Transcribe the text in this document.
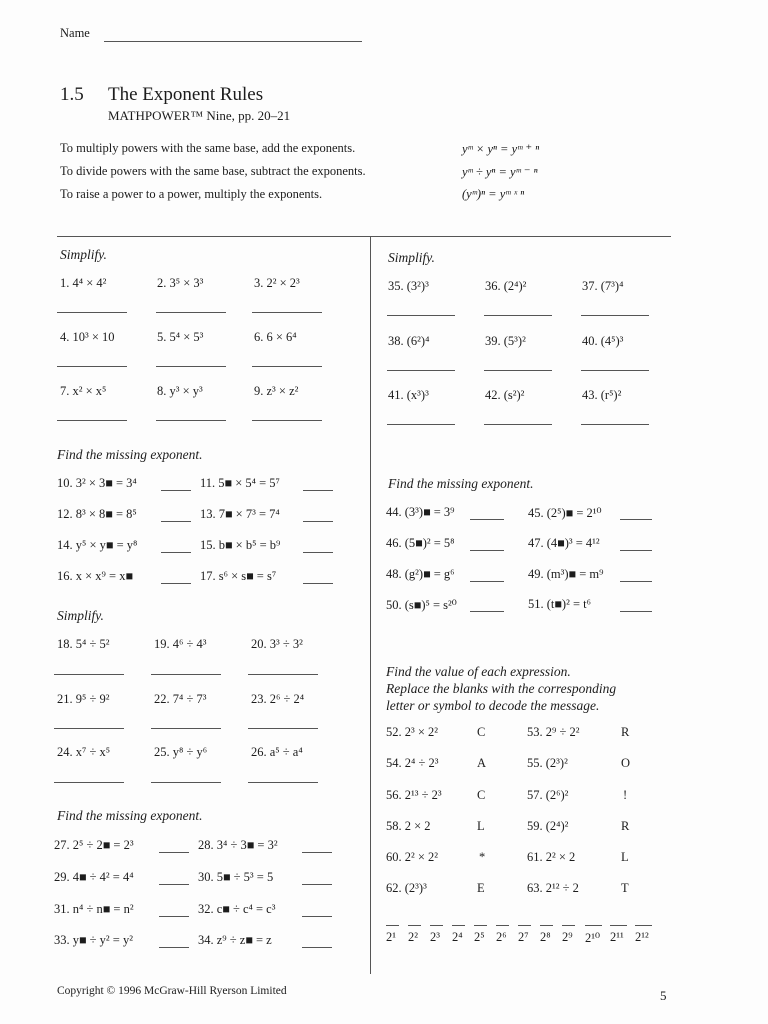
Name
1.5 The Exponent Rules
MATHPOWER™ Nine, pp. 20–21
To multiply powers with the same base, add the exponents.
To divide powers with the same base, subtract the exponents.
To raise a power to a power, multiply the exponents.
yᵐ × yⁿ = yᵐ ⁺ ⁿ
yᵐ ÷ yⁿ = yᵐ ⁻ ⁿ
(yᵐ)ⁿ = yᵐ ˣ ⁿ
Simplify.
1. 4⁴ × 4²	2. 3⁵ × 3³	3. 2² × 2³
4. 10³ × 10	5. 5⁴ × 5³	6. 6 × 6⁴
7. x² × x⁵	8. y³ × y³	9. z³ × z²
Find the missing exponent.
10. 3² × 3■ = 3⁴	11. 5■ × 5⁴ = 5⁷
12. 8³ × 8■ = 8⁵	13. 7■ × 7³ = 7⁴
14. y⁵ × y■ = y⁸	15. b■ × b⁵ = b⁹
16. x × x⁹ = x■	17. s⁶ × s■ = s⁷
Simplify.
18. 5⁴ ÷ 5²	19. 4⁶ ÷ 4³	20. 3³ ÷ 3²
21. 9⁵ ÷ 9²	22. 7⁴ ÷ 7³	23. 2⁶ ÷ 2⁴
24. x⁷ ÷ x⁵	25. y⁸ ÷ y⁶	26. a⁵ ÷ a⁴
Find the missing exponent.
27. 2⁵ ÷ 2■ = 2³	28. 3⁴ ÷ 3■ = 3²
29. 4■ ÷ 4² = 4⁴	30. 5■ ÷ 5³ = 5
31. n⁴ ÷ n■ = n²	32. c■ ÷ c⁴ = c³
33. y■ ÷ y² = y²	34. z⁹ ÷ z■ = z
Simplify.
35. (3²)³	36. (2⁴)²	37. (7³)⁴
38. (6²)⁴	39. (5³)²	40. (4⁵)³
41. (x³)³	42. (s²)²	43. (r⁵)²
Find the missing exponent.
44. (3³)■ = 3⁹	45. (2⁵)■ = 2¹⁰
46. (5■)² = 5⁸	47. (4■)³ = 4¹²
48. (g²)■ = g⁶	49. (m³)■ = m⁹
50. (s■)⁵ = s²⁰	51. (t■)² = t⁶
Find the value of each expression.
Replace the blanks with the corresponding
letter or symbol to decode the message.
52. 2³ × 2²	C	53. 2⁹ ÷ 2²	R
54. 2⁴ ÷ 2³	A	55. (2³)²	O
56. 2¹³ ÷ 2³	C	57. (2⁶)²	!
58. 2 × 2	L	59. (2⁴)²	R
60. 2² × 2²	*	61. 2² × 2	L
62. (2³)³	E	63. 2¹² ÷ 2	T
2¹ 2² 2³ 2⁴ 2⁵ 2⁶ 2⁷ 2⁸ 2⁹ 2¹⁰ 2¹¹ 2¹²
Copyright © 1996 McGraw-Hill Ryerson Limited	5
